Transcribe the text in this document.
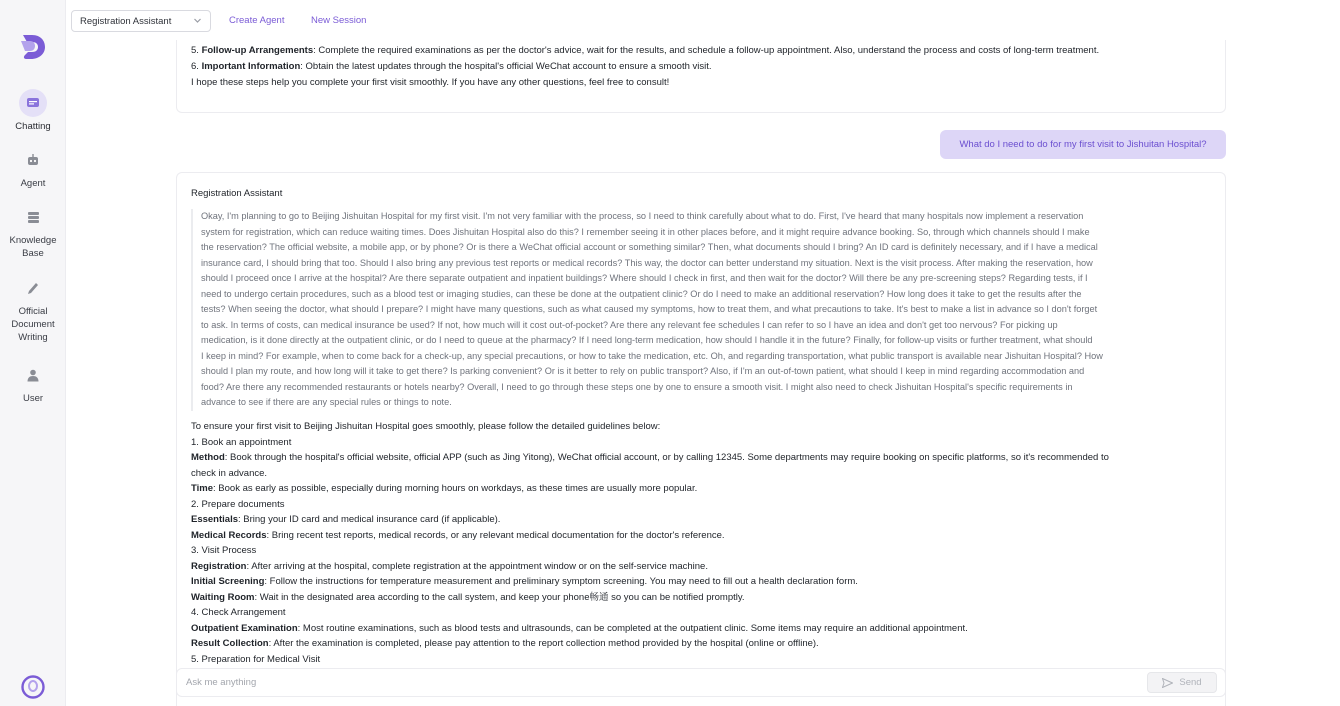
Chatting
Agent
Knowledge
Base
Official
Document
Writing
User
Registration Assistant	Create Agent	New Session
5. Follow-up Arrangements: Complete the required examinations as per the doctor's advice, wait for the results, and schedule a follow-up appointment. Also, understand the process and costs of long-term treatment.
6. Important Information: Obtain the latest updates through the hospital's official WeChat account to ensure a smooth visit.
I hope these steps help you complete your first visit smoothly. If you have any other questions, feel free to consult!
What do I need to do for my first visit to Jishuitan Hospital?
Registration Assistant

Okay, I'm planning to go to Beijing Jishuitan Hospital for my first visit. I'm not very familiar with the process, so I need to think carefully about what to do. First, I've heard that many hospitals now implement a reservation

system for registration, which can reduce waiting times. Does Jishuitan Hospital also do this? I remember seeing it in other places before, and it might require advance booking. So, through which channels should I make

the reservation? The official website, a mobile app, or by phone? Or is there a WeChat official account or something similar? Then, what documents should I bring? An ID card is definitely necessary, and if I have a medical

insurance card, I should bring that too. Should I also bring any previous test reports or medical records? This way, the doctor can better understand my situation. Next is the visit process. After making the reservation, how

should I proceed once I arrive at the hospital? Are there separate outpatient and inpatient buildings? Where should I check in first, and then wait for the doctor? Will there be any pre-screening steps? Regarding tests, if I

need to undergo certain procedures, such as a blood test or imaging studies, can these be done at the outpatient clinic? Or do I need to make an additional reservation? How long does it take to get the results after the

tests? When seeing the doctor, what should I prepare? I might have many questions, such as what caused my symptoms, how to treat them, and what precautions to take. It's best to make a list in advance so I don't forget

to ask. In terms of costs, can medical insurance be used? If not, how much will it cost out-of-pocket? Are there any relevant fee schedules I can refer to so I have an idea and don't get too nervous? For picking up

medication, is it done directly at the outpatient clinic, or do I need to queue at the pharmacy? If I need long-term medication, how should I handle it in the future? Finally, for follow-up visits or further treatment, what should

I keep in mind? For example, when to come back for a check-up, any special precautions, or how to take the medication, etc. Oh, and regarding transportation, what public transport is available near Jishuitan Hospital? How

should I plan my route, and how long will it take to get there? Is parking convenient? Or is it better to rely on public transport? Also, if I'm an out-of-town patient, what should I keep in mind regarding accommodation and

food? Are there any recommended restaurants or hotels nearby? Overall, I need to go through these steps one by one to ensure a smooth visit. I might also need to check Jishuitan Hospital's specific requirements in

advance to see if there are any special rules or things to note.

To ensure your first visit to Beijing Jishuitan Hospital goes smoothly, please follow the detailed guidelines below:

1. Book an appointment

Method: Book through the hospital's official website, official APP (such as Jing Yitong), WeChat official account, or by calling 12345. Some departments may require booking on specific platforms, so it's recommended to

check in advance.

Time: Book as early as possible, especially during morning hours on workdays, as these times are usually more popular.

2. Prepare documents

Essentials: Bring your ID card and medical insurance card (if applicable).

Medical Records: Bring recent test reports, medical records, or any relevant medical documentation for the doctor's reference.

3. Visit Process

Registration: After arriving at the hospital, complete registration at the appointment window or on the self-service machine.

Initial Screening: Follow the instructions for temperature measurement and preliminary symptom screening. You may need to fill out a health declaration form.

Waiting Room: Wait in the designated area according to the call system, and keep your phone畅通 so you can be notified promptly.

4. Check Arrangement

Outpatient Examination: Most routine examinations, such as blood tests and ultrasounds, can be completed at the outpatient clinic. Some items may require an additional appointment.

Result Collection: After the examination is completed, please pay attention to the report collection method provided by the hospital (online or offline).

5. Preparation for Medical Visit

Ask me anything	Send
